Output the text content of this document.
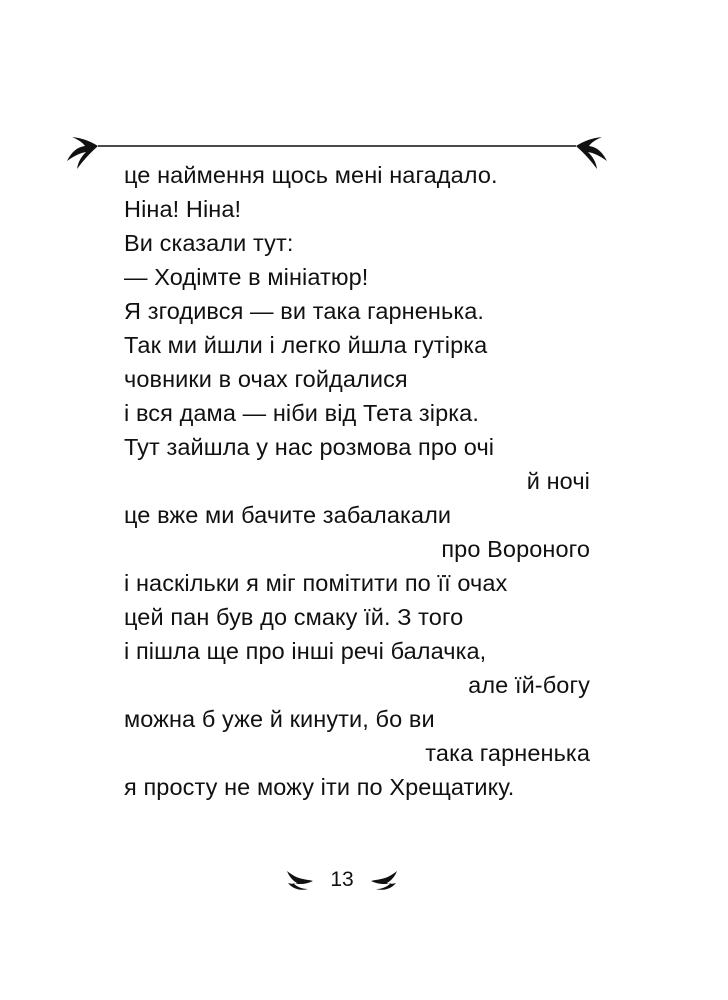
це наймення щось мені нагадало.
Ніна! Ніна!
Ви сказали тут:
— Ходімте в мініатюр!
Я згодився — ви така гарненька.
Так ми йшли і легко йшла гутірка
човники в очах гойдалися
і вся дама — ніби від Тета зірка.
Тут зайшла у нас розмова про очі
й ночі
це вже ми бачите забалакали
про Вороного
і наскільки я міг помітити по її очах
цей пан був до смаку їй. З того
і пішла ще про інші речі балачка,
але їй-богу
можна б уже й кинути, бо ви
така гарненька
я просту не можу іти по Хрещатику.
13
